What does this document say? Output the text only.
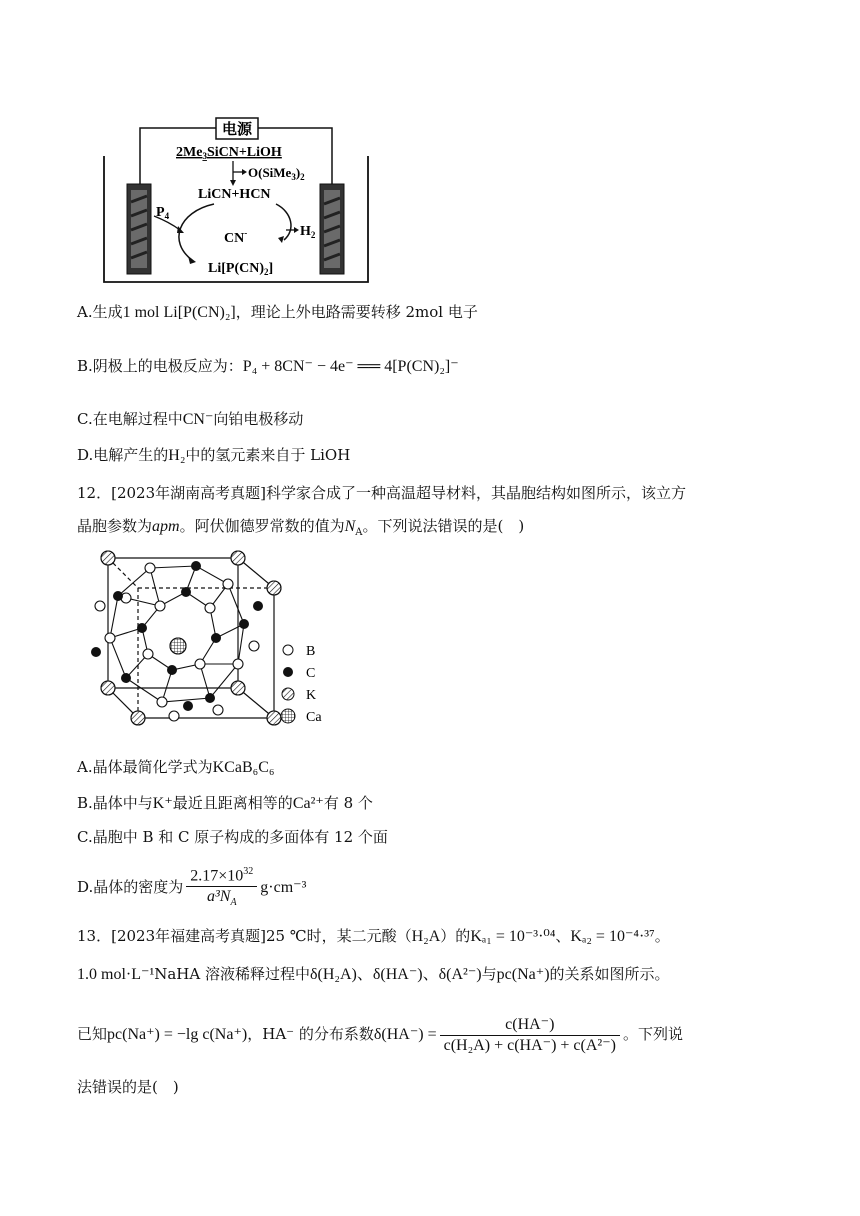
电源
$2Me_3SiCN+LiOH$
$O(SiMe_3)_2$
LiCN+HCN
$P_4$
$H_2$
CN-
$Li[P(CN)_2]$
A.生成1 mol Li[P(CN)₂]，理论上外电路需要转移 2mol 电子
B.阴极上的电极反应为：P₄ + 8CN⁻ − 4e⁻ ══ 4[P(CN)₂]⁻
C.在电解过程中CN⁻向铂电极移动
D.电解产生的H₂中的氢元素来自于 LiOH
12．[2023年湖南高考真题]科学家合成了一种高温超导材料，其晶胞结构如图所示，该立方
晶胞参数为apm。阿伏伽德罗常数的值为$N_A$。下列说法错误的是(　)
B
C
K
Ca
A.晶体最简化学式为KCaB₆C₆
B.晶体中与K⁺最近且距离相等的Ca²⁺有 8 个
C.晶胞中 B 和 C 原子构成的多面体有 12 个面
D.晶体的密度为 $\frac{2.17\times 10^{32}}{a^3N_A} g\cdot cm^{-3}$
13．[2023年福建高考真题]25 ℃时，某二元酸（H₂A）的Kₐ₁ = 10⁻³·⁰⁴、Kₐ₂ = 10⁻⁴·³⁷。
1.0 mol·L⁻¹NaHA 溶液稀释过程中δ(H₂A)、δ(HA⁻)、δ(A²⁻)与pc(Na⁺)的关系如图所示。
已知pc(Na⁺) = −lg c(Na⁺)，HA⁻ 的分布系数$\delta(HA^-) = \frac{c(HA^-)}{\text{c(H₂A) + c(HA⁻) + c(A²⁻)}}$ 。下列说
法错误的是(　)
